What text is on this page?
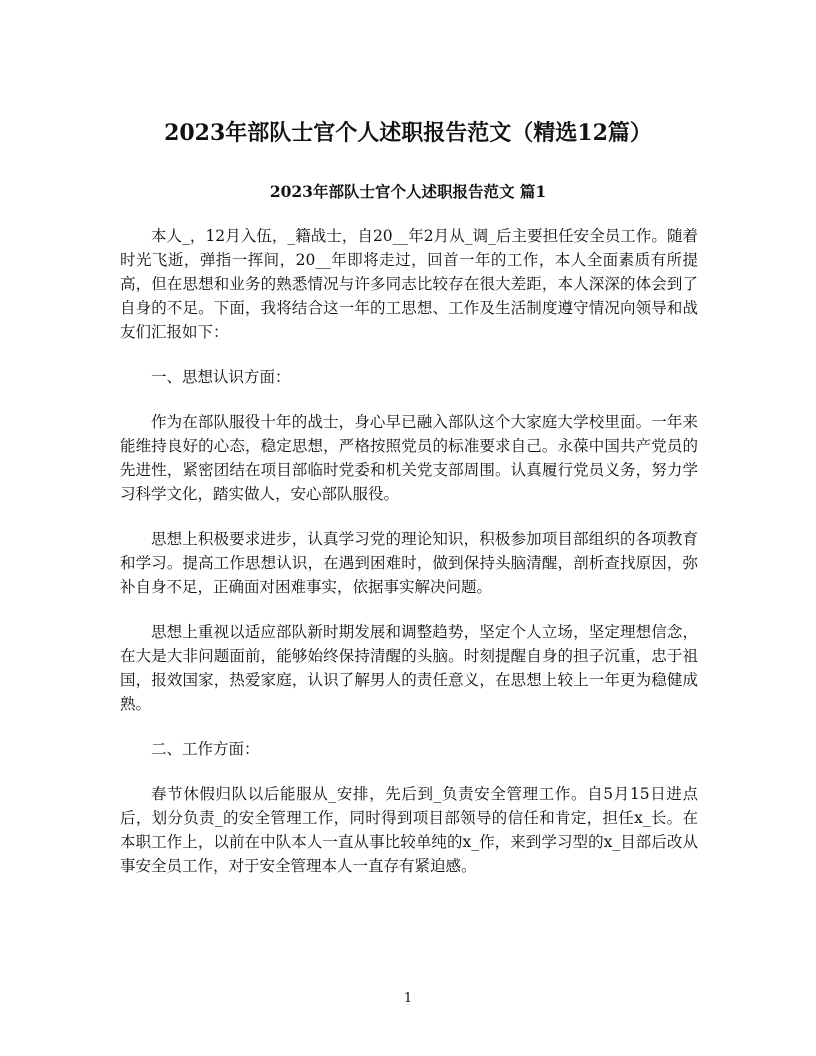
2023年部队士官个人述职报告范文（精选12篇）
2023年部队士官个人述职报告范文 篇1

本人_，12月入伍，_籍战士，自20__年2月从_调_后主要担任安全员工作。随着时光飞逝，弹指一挥间，20__年即将走过，回首一年的工作，本人全面素质有所提高，但在思想和业务的熟悉情况与许多同志比较存在很大差距，本人深深的体会到了自身的不足。下面，我将结合这一年的工思想、工作及生活制度遵守情况向领导和战友们汇报如下：

一、思想认识方面：

作为在部队服役十年的战士，身心早已融入部队这个大家庭大学校里面。一年来能维持良好的心态，稳定思想，严格按照党员的标准要求自己。永葆中国共产党员的先进性，紧密团结在项目部临时党委和机关党支部周围。认真履行党员义务，努力学习科学文化，踏实做人，安心部队服役。

思想上积极要求进步，认真学习党的理论知识，积极参加项目部组织的各项教育和学习。提高工作思想认识，在遇到困难时，做到保持头脑清醒，剖析查找原因，弥补自身不足，正确面对困难事实，依据事实解决问题。

思想上重视以适应部队新时期发展和调整趋势，坚定个人立场，坚定理想信念，在大是大非问题面前，能够始终保持清醒的头脑。时刻提醒自身的担子沉重，忠于祖国，报效国家，热爱家庭，认识了解男人的责任意义，在思想上较上一年更为稳健成熟。

二、工作方面：

春节休假归队以后能服从_安排，先后到_负责安全管理工作。自5月15日进点后，划分负责_的安全管理工作，同时得到项目部领导的信任和肯定，担任x_长。在本职工作上，以前在中队本人一直从事比较单纯的x_作，来到学习型的x_目部后改从事安全员工作，对于安全管理本人一直存有紧迫感。

1
